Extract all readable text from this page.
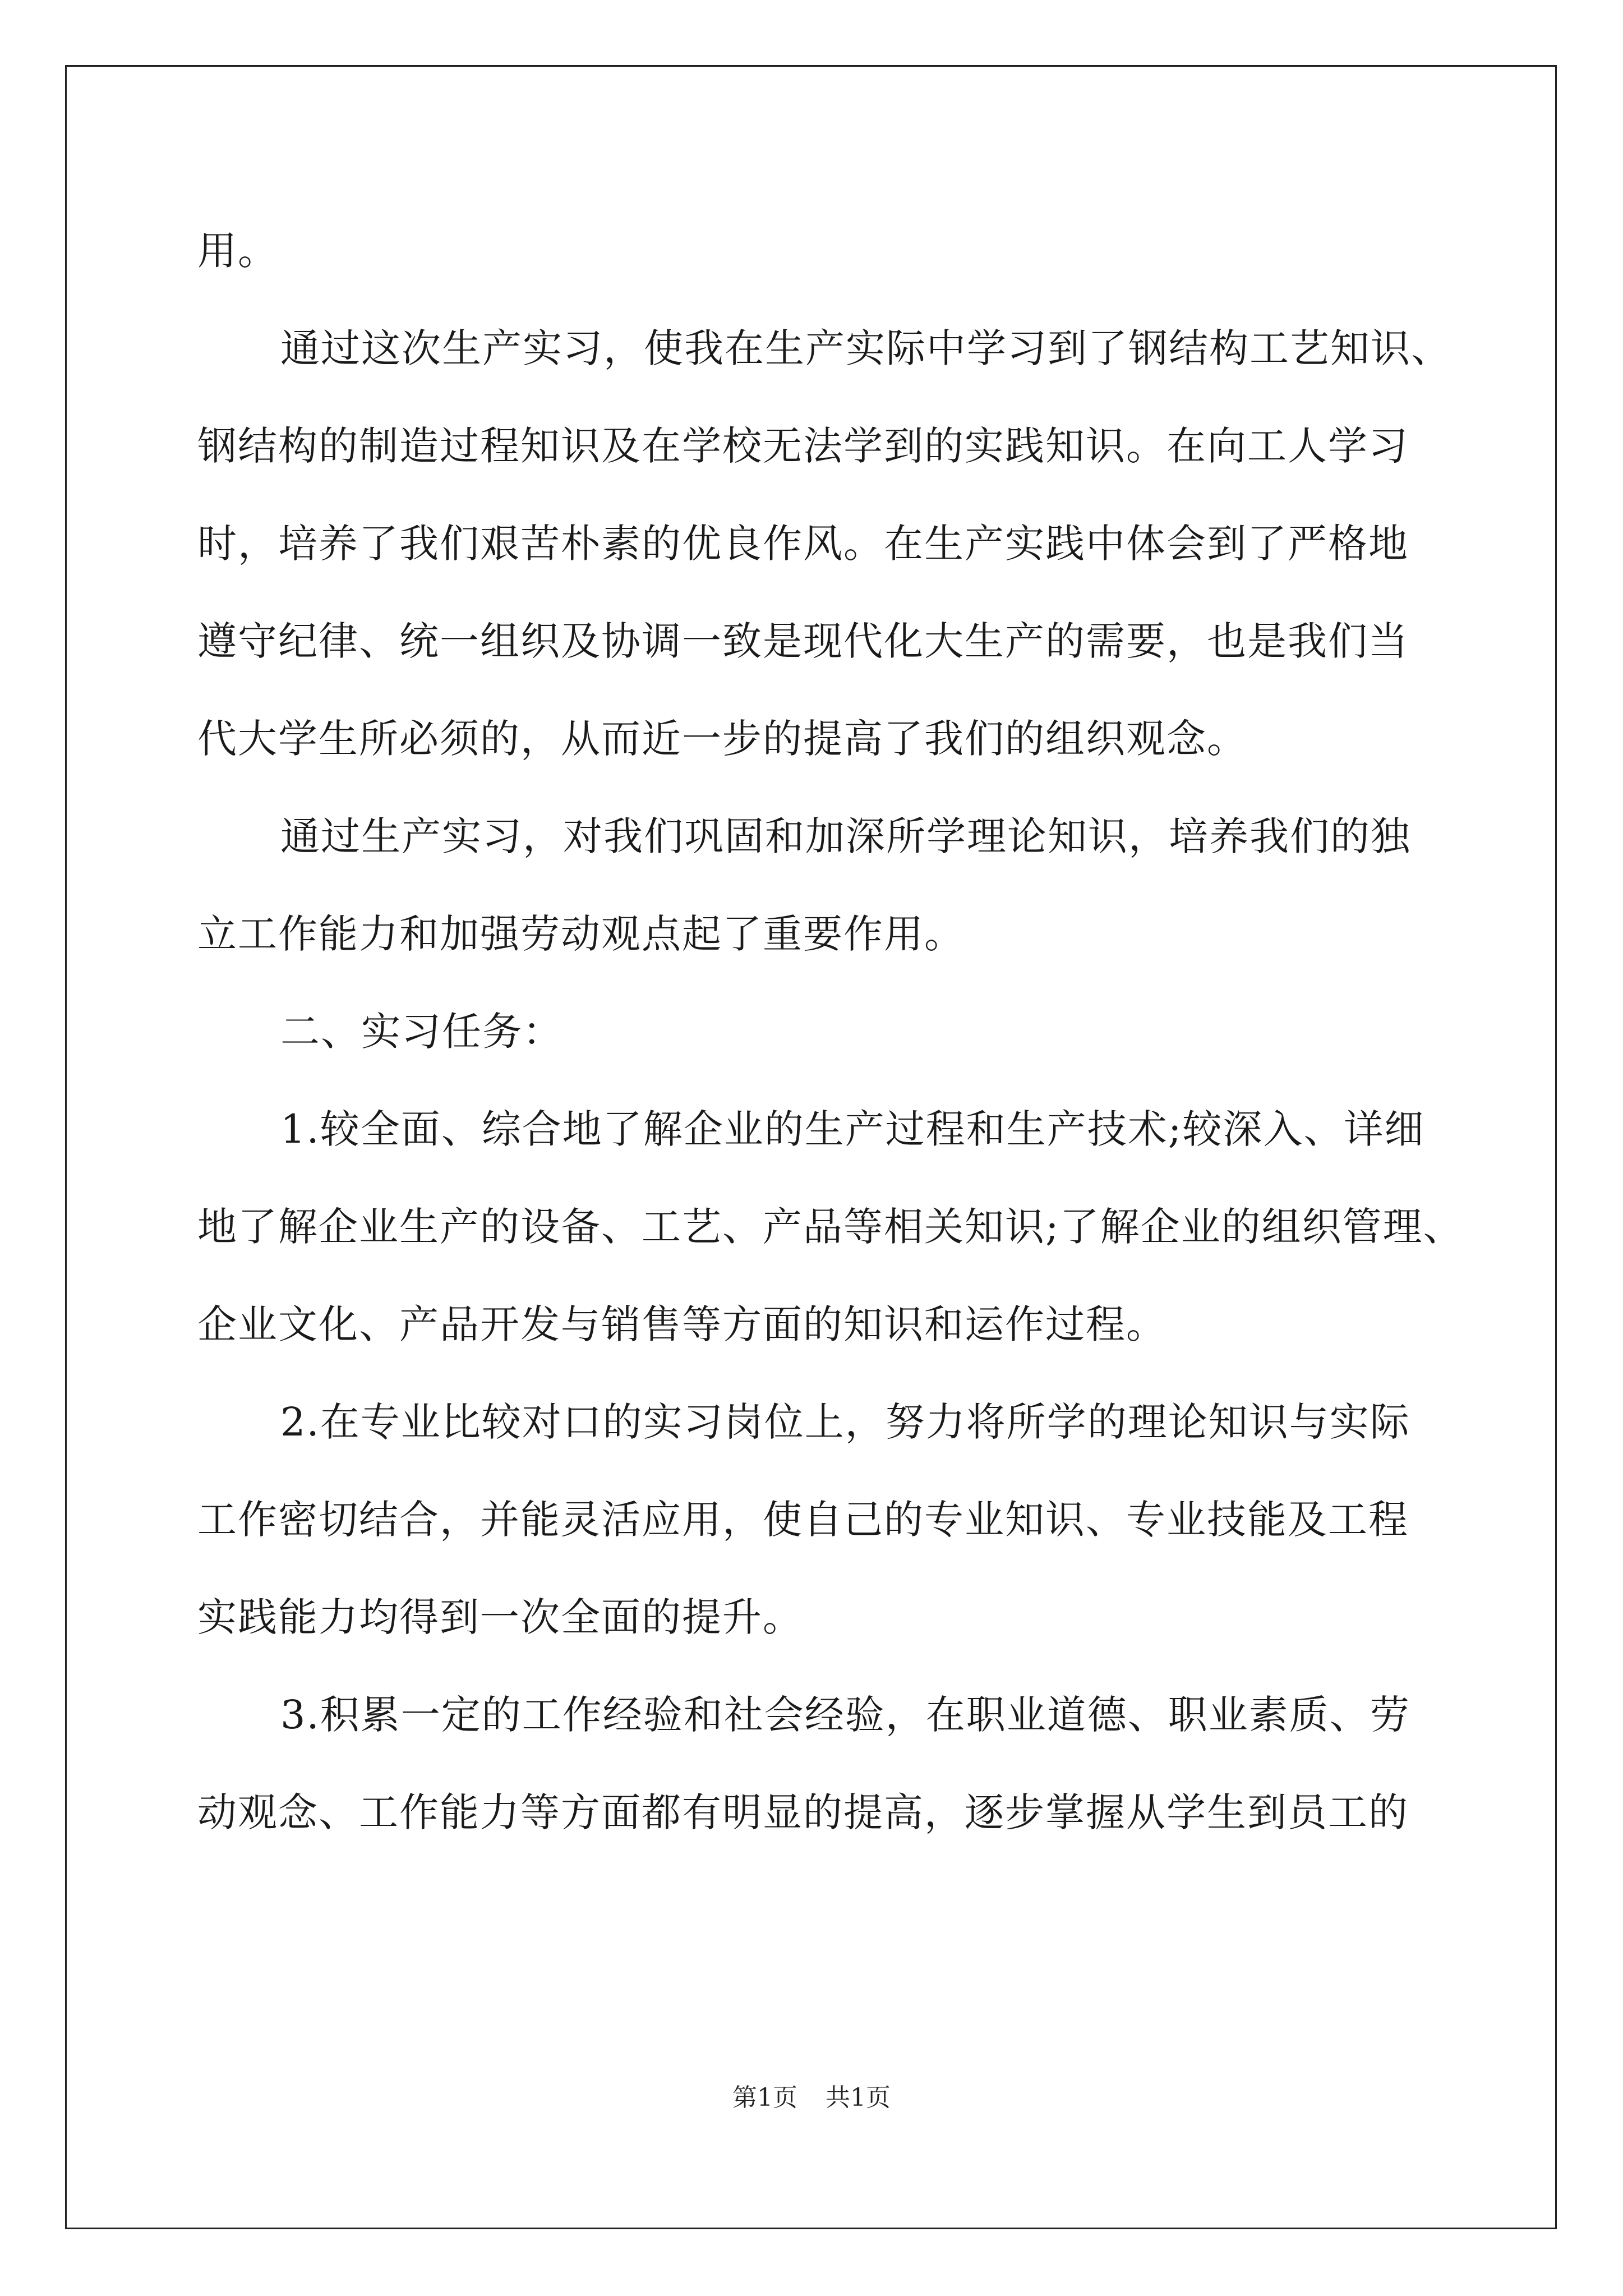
用。
通过这次生产实习，使我在生产实际中学习到了钢结构工艺知识、
钢结构的制造过程知识及在学校无法学到的实践知识。在向工人学习
时，培养了我们艰苦朴素的优良作风。在生产实践中体会到了严格地
遵守纪律、统一组织及协调一致是现代化大生产的需要，也是我们当
代大学生所必须的，从而近一步的提高了我们的组织观念。
通过生产实习，对我们巩固和加深所学理论知识，培养我们的独
立工作能力和加强劳动观点起了重要作用。
二、实习任务：
1.较全面、综合地了解企业的生产过程和生产技术;较深入、详细
地了解企业生产的设备、工艺、产品等相关知识;了解企业的组织管理、
企业文化、产品开发与销售等方面的知识和运作过程。
2.在专业比较对口的实习岗位上，努力将所学的理论知识与实际
工作密切结合，并能灵活应用，使自己的专业知识、专业技能及工程
实践能力均得到一次全面的提升。
3.积累一定的工作经验和社会经验，在职业道德、职业素质、劳
动观念、工作能力等方面都有明显的提高，逐步掌握从学生到员工的
第1页 共1页
